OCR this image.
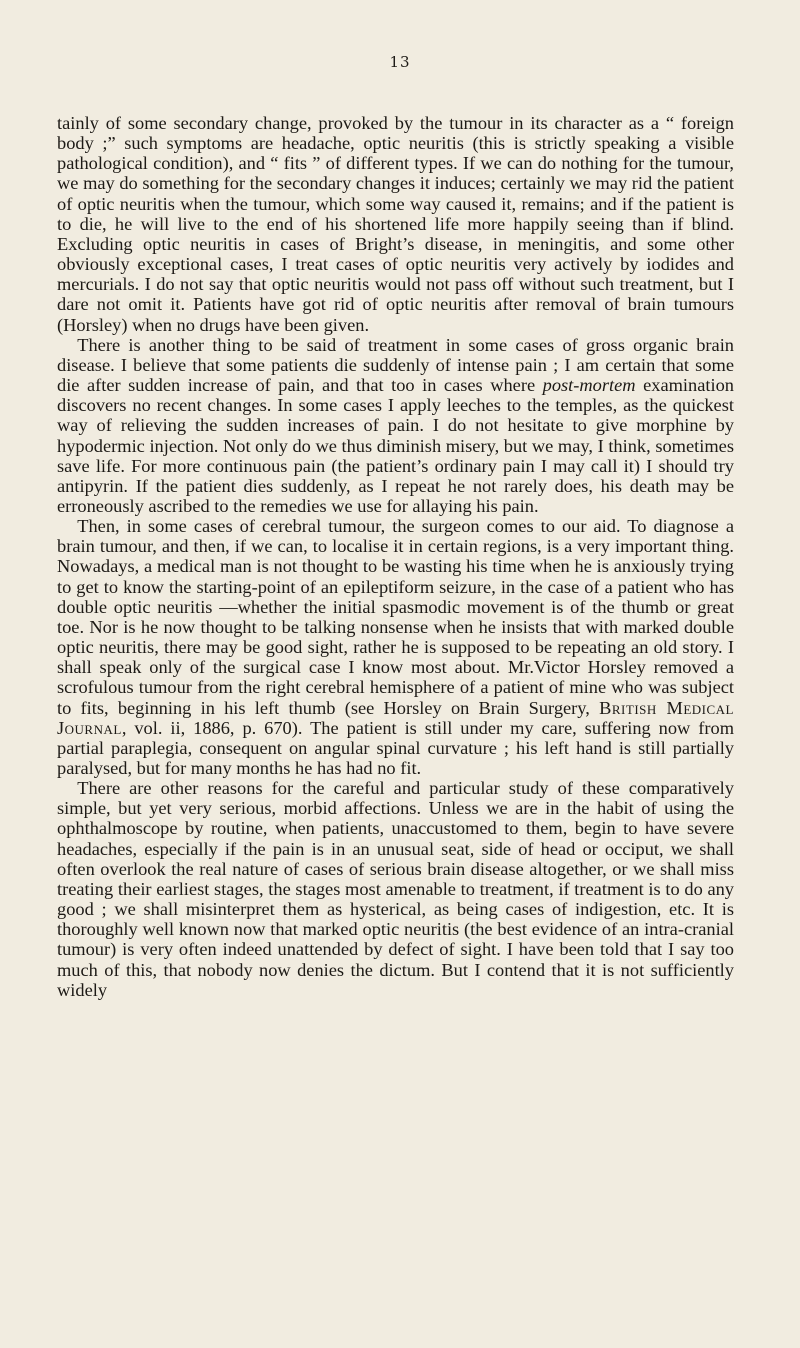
13

tainly of some secondary change, provoked by the tumour in its character as a “ foreign body ;” such symptoms are headache, optic neuritis (this is strictly speaking a visible pathological condition), and “ fits ” of different types. If we can do nothing for the tumour, we may do something for the secondary changes it induces; certainly we may rid the patient of optic neuritis when the tumour, which some way caused it, remains; and if the patient is to die, he will live to the end of his shortened life more happily seeing than if blind. Excluding optic neuritis in cases of Bright’s disease, in meningitis, and some other obviously exceptional cases, I treat cases of optic neuritis very actively by iodides and mercurials. I do not say that optic neuritis would not pass off without such treatment, but I dare not omit it. Patients have got rid of optic neuritis after removal of brain tumours (Horsley) when no drugs have been given.

There is another thing to be said of treatment in some cases of gross organic brain disease. I believe that some patients die suddenly of intense pain ; I am certain that some die after sudden increase of pain, and that too in cases where post-mortem examination discovers no recent changes. In some cases I apply leeches to the temples, as the quickest way of relieving the sudden increases of pain. I do not hesitate to give morphine by hypodermic injection. Not only do we thus diminish misery, but we may, I think, sometimes save life. For more continuous pain (the patient’s ordinary pain I may call it) I should try antipyrin. If the patient dies suddenly, as I repeat he not rarely does, his death may be erroneously ascribed to the remedies we use for allaying his pain.

Then, in some cases of cerebral tumour, the surgeon comes to our aid. To diagnose a brain tumour, and then, if we can, to localise it in certain regions, is a very important thing. Nowadays, a medical man is not thought to be wasting his time when he is anxiously trying to get to know the starting-point of an epileptiform seizure, in the case of a patient who has double optic neuritis —whether the initial spasmodic movement is of the thumb or great toe. Nor is he now thought to be talking nonsense when he insists that with marked double optic neuritis, there may be good sight, rather he is supposed to be repeating an old story. I shall speak only of the surgical case I know most about. Mr.Victor Horsley removed a scrofulous tumour from the right cerebral hemisphere of a patient of mine who was subject to fits, beginning in his left thumb (see Horsley on Brain Surgery, British Medical Journal, vol. ii, 1886, p. 670). The patient is still under my care, suffering now from partial paraplegia, consequent on angular spinal curvature ; his left hand is still partially paralysed, but for many months he has had no fit.

There are other reasons for the careful and particular study of these comparatively simple, but yet very serious, morbid affections. Unless we are in the habit of using the ophthalmoscope by routine, when patients, unaccustomed to them, begin to have severe headaches, especially if the pain is in an unusual seat, side of head or occiput, we shall often overlook the real nature of cases of serious brain disease altogether, or we shall miss treating their earliest stages, the stages most amenable to treatment, if treatment is to do any good ; we shall misinterpret them as hysterical, as being cases of indigestion, etc. It is thoroughly well known now that marked optic neuritis (the best evidence of an intra-cranial tumour) is very often indeed unattended by defect of sight. I have been told that I say too much of this, that nobody now denies the dictum. But I contend that it is not sufficiently widely
